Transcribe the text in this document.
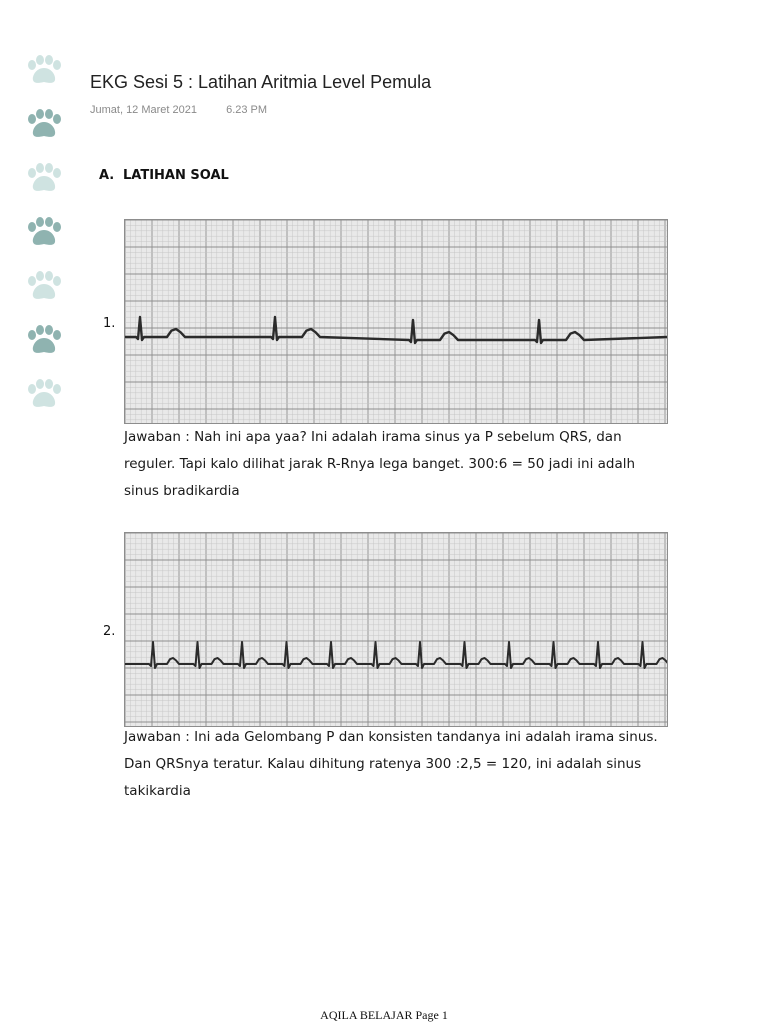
EKG Sesi 5 : Latihan Aritmia Level Pemula
Jumat, 12 Maret 2021	6.23 PM
A. LATIHAN SOAL
1.

Jawaban : Nah ini apa yaa? Ini adalah irama sinus ya P sebelum QRS, dan reguler. Tapi kalo dilihat jarak R-Rnya lega banget. 300:6 = 50 jadi ini adalh sinus bradikardia

2.

Jawaban : Ini ada Gelombang P dan konsisten tandanya ini adalah irama sinus. Dan QRSnya teratur. Kalau dihitung ratenya 300 :2,5 = 120, ini adalah sinus takikardia

AQILA BELAJAR Page 1
